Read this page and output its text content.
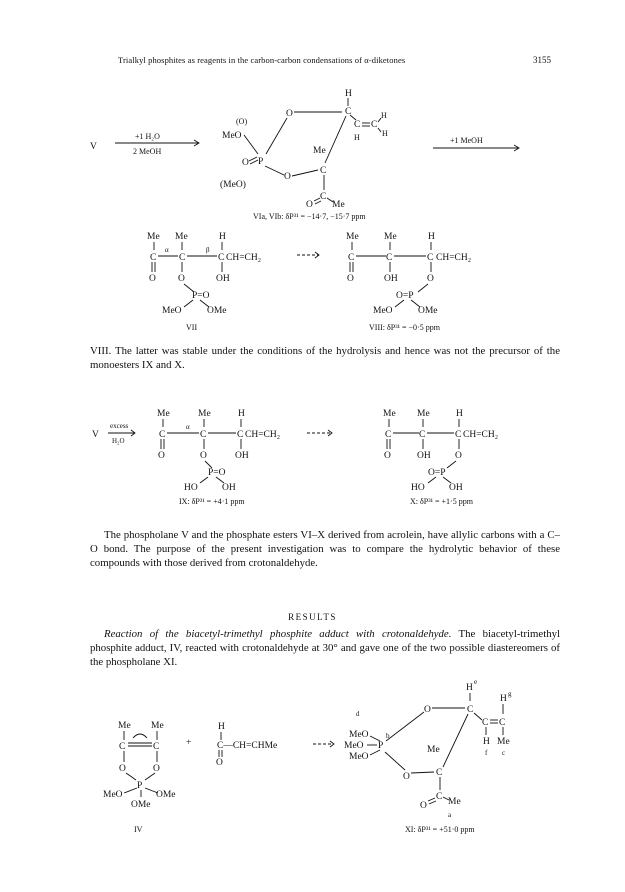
Trialkyl phosphites as reagents in the carbon-carbon condensations of α-diketones	3155
V
+1 H₂O
2 MeOH
(O)
MeO
(MeO)
P
O
O	C
H
C C
H
H
H
Me
C
O
C
O Me
VIa, VIb: δP³¹ = −14·7, −15·7 ppm
+1 MeOH
Me Me	H
C
α
C
β
C CH=CH₂
O O	OH
P=O
MeO	OMe
VII
Me	Me	H
C	C	C CH=CH₂
O	OH	O
O=P
MeO	OMe
VIII: δP³¹ = −0·5 ppm
V
excess
H₂O
Me	Me	H
C
α
C	C CH=CH₂
O	O	OH
P=O
HO	OH
IX: δP³¹ = +4·1 ppm
Me Me	H
C	C	C CH=CH₂
O	OH	O
O=P
HO	OH
X: δP³¹ = +1·5 ppm
Me Me
C	C
O	O
P
MeO	OMe
OMe
IV
+
H
C—CH=CHMe
O
d
MeO
MeO
MeO
b
P
O	C
H
e
C C
H g
H
f
Me
c
Me
C
O
C
O Me
a
XI: δP³¹ = +51·0 ppm

VIII. The latter was stable under the conditions of the hydrolysis and hence was not the precursor of the monoesters IX and X.

The phospholane V and the phosphate esters VI–X derived from acrolein, have allylic carbons with a C–O bond. The purpose of the present investigation was to compare the hydrolytic behavior of these compounds with those derived from crotonaldehyde.

RESULTS

Reaction of the biacetyl-trimethyl phosphite adduct with crotonaldehyde. The biacetyl-trimethyl phosphite adduct, IV, reacted with crotonaldehyde at 30° and gave one of the two possible diastereomers of the phospholane XI.
